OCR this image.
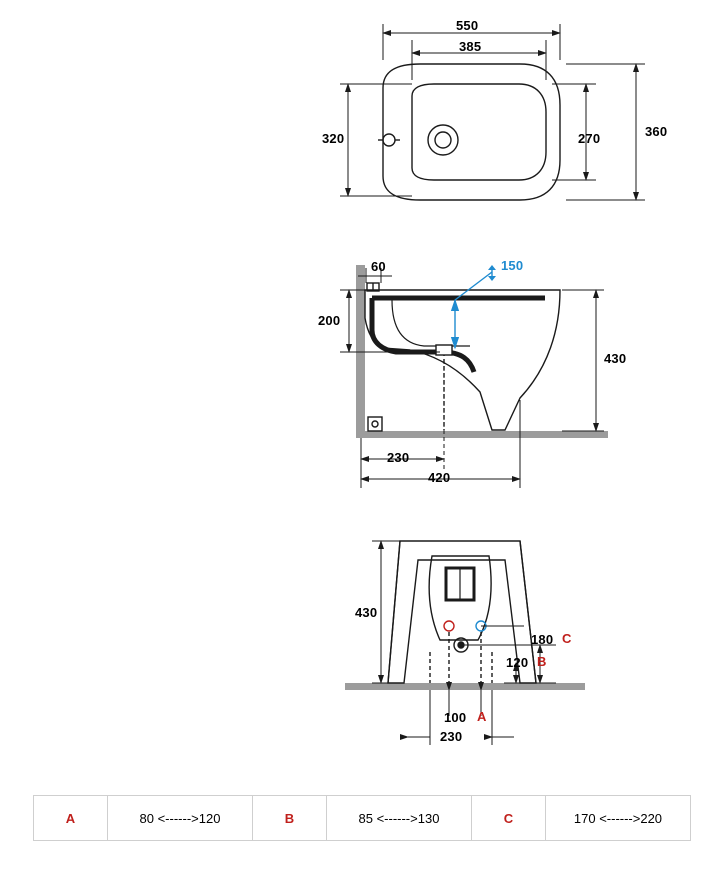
550
385
360
320	270
60	150
200
430
230
420
430
180 C
120 B
100 A
230
A	80 <------>120	B	85 <------>130	C	170 <------>220
